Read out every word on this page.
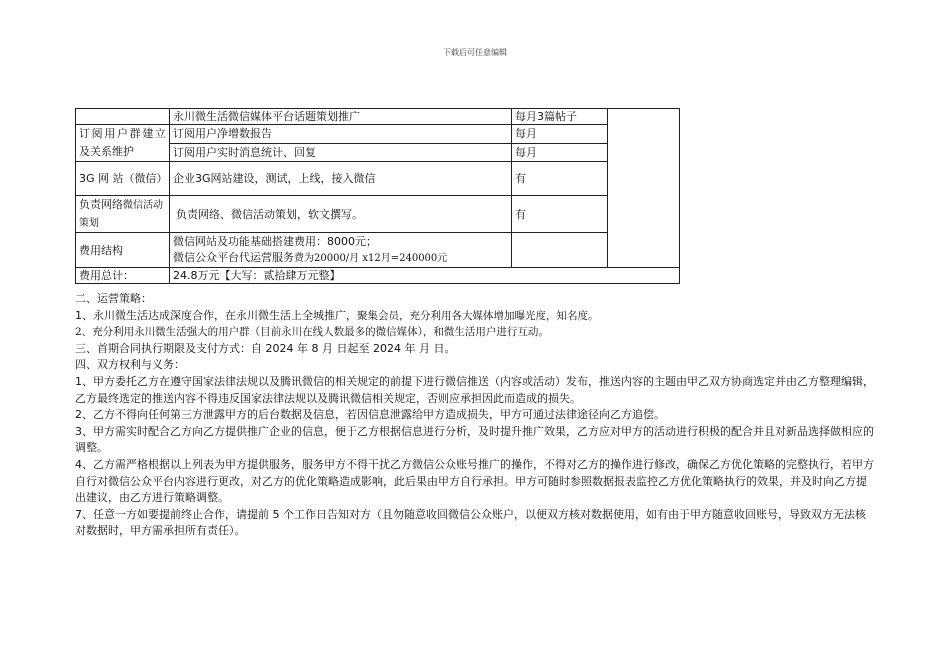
下载后可任意编辑
	永川微生活微信媒体平台话题策划推广	每月3篇帖子	
订阅用户群建立及关系维护	订阅用户净增数报告	每月	
	订阅用户实时消息统计、回复	每月	
3G 网 站（微信）	企业3G网站建设，测试，上线，接入微信	有	
负责网络微信活动策划	负责网络、微信活动策划，软文撰写。	有	
费用结构	微信网站及功能基础搭建费用：8000元；
微信公众平台代运营服务费为20000/月 x12月=240000元		

费用总计：	24.8万元【大写：贰拾肆万元整】		

二、运营策略：

1、永川微生活达成深度合作，在永川微生活上全城推广，聚集会员，充分利用各大媒体增加曝光度，知名度。

2、充分利用永川微生活强大的用户群（目前永川在线人数最多的微信媒体），和微生活用户进行互动。

三、首期合同执行期限及支付方式：自 2024 年 8 月 日起至 2024 年 月 日。

四、双方权利与义务：

1、甲方委托乙方在遵守国家法律法规以及腾讯微信的相关规定的前提下进行微信推送（内容或活动）发布，推送内容的主题由甲乙双方协商选定并由乙方整理编辑，乙方最终选定的推送内容不得违反国家法律法规以及腾讯微信相关规定，否则应承担因此而造成的损失。

2、乙方不得向任何第三方泄露甲方的后台数据及信息，若因信息泄露给甲方造成损失，甲方可通过法律途径向乙方追偿。

3、甲方需实时配合乙方向乙方提供推广企业的信息，便于乙方根据信息进行分析，及时提升推广效果，乙方应对甲方的活动进行积极的配合并且对新品选择做相应的调整。

4、乙方需严格根据以上列表为甲方提供服务，服务甲方不得干扰乙方微信公众账号推广的操作，不得对乙方的操作进行修改，确保乙方优化策略的完整执行，若甲方自行对微信公众平台内容进行更改，对乙方的优化策略造成影响，此后果由甲方自行承担。甲方可随时参照数据报表监控乙方优化策略执行的效果，并及时向乙方提出建议，由乙方进行策略调整。

7、任意一方如要提前终止合作，请提前 5 个工作日告知对方（且勿随意收回微信公众账户，以便双方核对数据使用，如有由于甲方随意收回账号，导致双方无法核对数据时，甲方需承担所有责任）。
